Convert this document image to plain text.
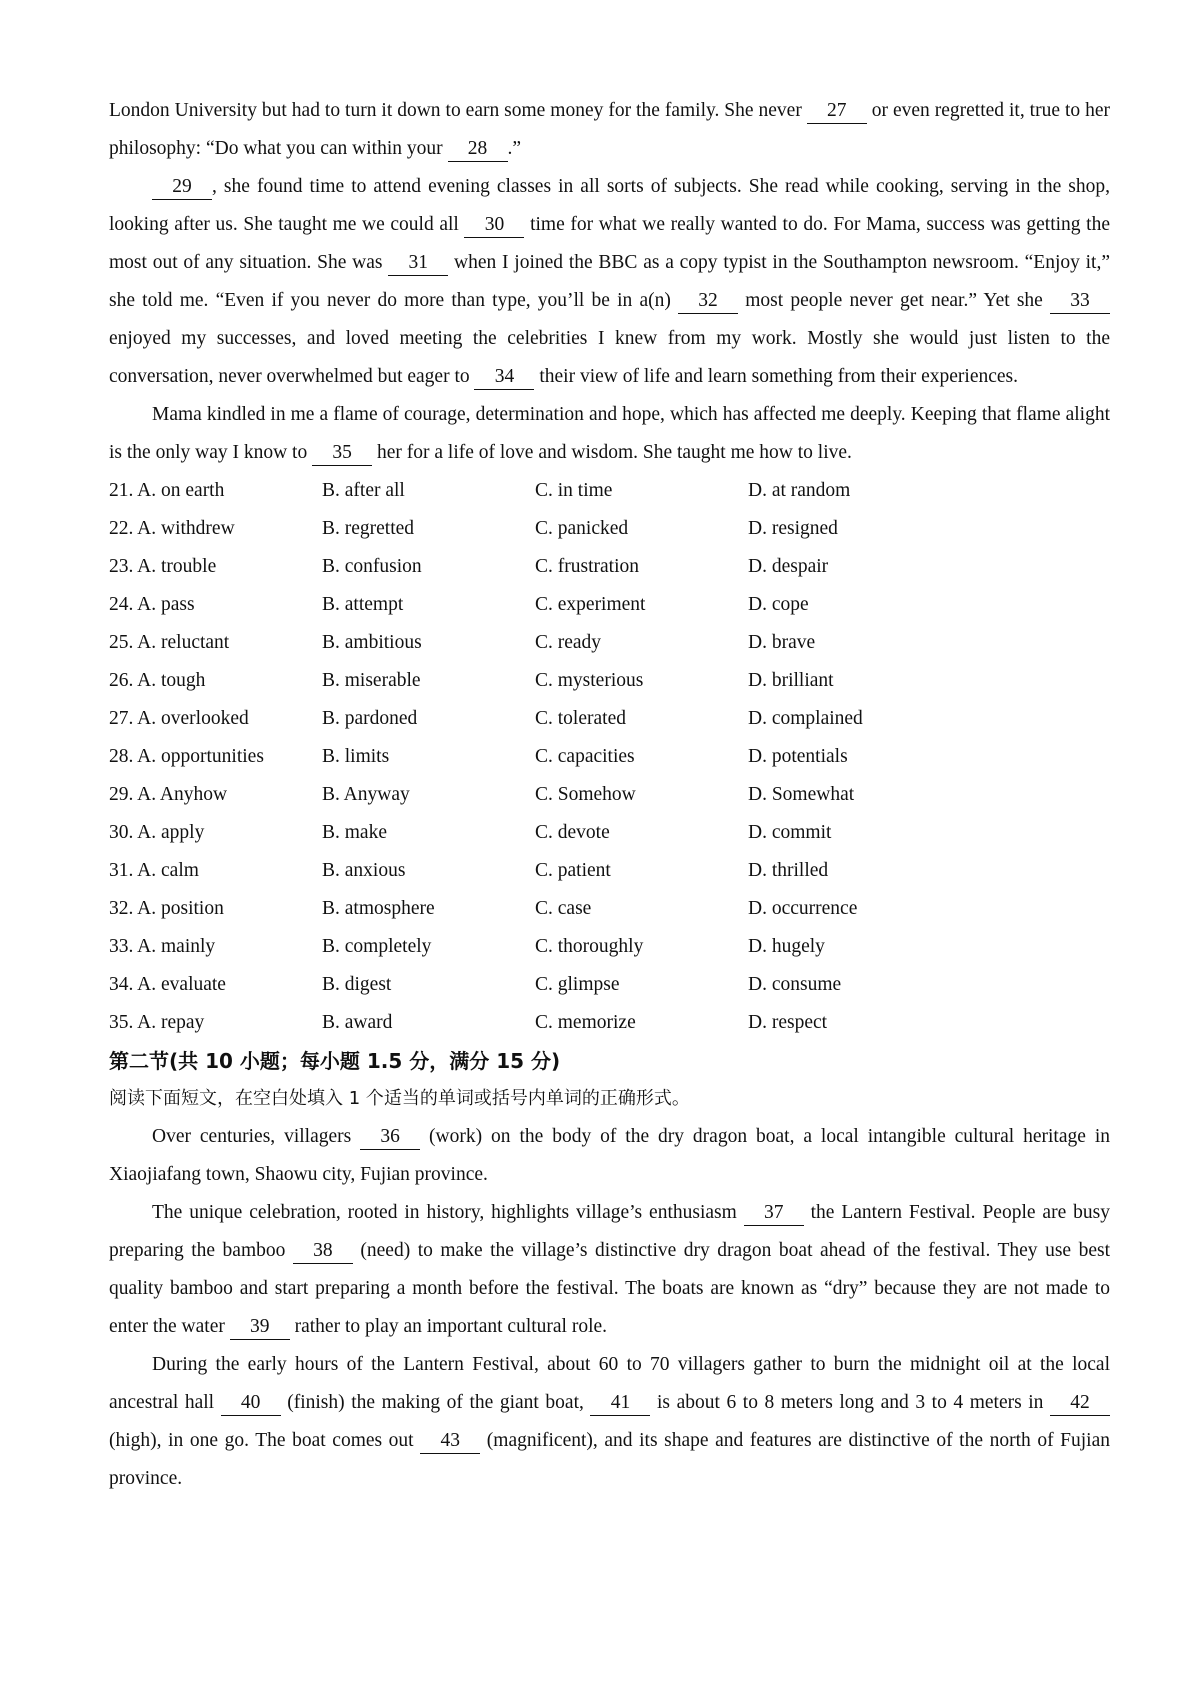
London University but had to turn it down to earn some money for the family. She never 27 or even regretted it, true to her philosophy: “Do what you can within your 28 .”

29 , she found time to attend evening classes in all sorts of subjects. She read while cooking, serving in the shop, looking after us. She taught me we could all 30 time for what we really wanted to do. For Mama, success was getting the most out of any situation. She was 31 when I joined the BBC as a copy typist in the Southampton newsroom. “Enjoy it,” she told me. “Even if you never do more than type, you’ll be in a(n) 32 most people never get near.” Yet she 33 enjoyed my successes, and loved meeting the celebrities I knew from my work. Mostly she would just listen to the conversation, never overwhelmed but eager to 34 their view of life and learn something from their experiences.

Mama kindled in me a flame of courage, determination and hope, which has affected me deeply. Keeping that flame alight is the only way I know to 35 her for a life of love and wisdom. She taught me how to live.

21. A. on earth	B. after all	C. in time	D. at random
22. A. withdrew	B. regretted	C. panicked	D. resigned
23. A. trouble	B. confusion	C. frustration	D. despair
24. A. pass	B. attempt	C. experiment	D. cope
25. A. reluctant	B. ambitious	C. ready	D. brave
26. A. tough	B. miserable	C. mysterious	D. brilliant
27. A. overlooked	B. pardoned	C. tolerated	D. complained
28. A. opportunities	B. limits	C. capacities	D. potentials
29. A. Anyhow	B. Anyway	C. Somehow	D. Somewhat
30. A. apply	B. make	C. devote	D. commit
31. A. calm	B. anxious	C. patient	D. thrilled
32. A. position	B. atmosphere	C. case	D. occurrence
33. A. mainly	B. completely	C. thoroughly	D. hugely
34. A. evaluate	B. digest	C. glimpse	D. consume
35. A. repay	B. award	C. memorize	D. respect
第二节(共 10 小题；每小题 1.5 分，满分 15 分)

阅读下面短文，在空白处填入 1 个适当的单词或括号内单词的正确形式。

Over centuries, villagers 36 (work) on the body of the dry dragon boat, a local intangible cultural heritage in Xiaojiafang town, Shaowu city, Fujian province.

The unique celebration, rooted in history, highlights village’s enthusiasm 37 the Lantern Festival. People are busy preparing the bamboo 38 (need) to make the village’s distinctive dry dragon boat ahead of the festival. They use best quality bamboo and start preparing a month before the festival. The boats are known as “dry” because they are not made to enter the water 39 rather to play an important cultural role.

During the early hours of the Lantern Festival, about 60 to 70 villagers gather to burn the midnight oil at the local ancestral hall 40 (finish) the making of the giant boat, 41 is about 6 to 8 meters long and 3 to 4 meters in 42 (high), in one go. The boat comes out 43 (magnificent), and its shape and features are distinctive of the north of Fujian province.
